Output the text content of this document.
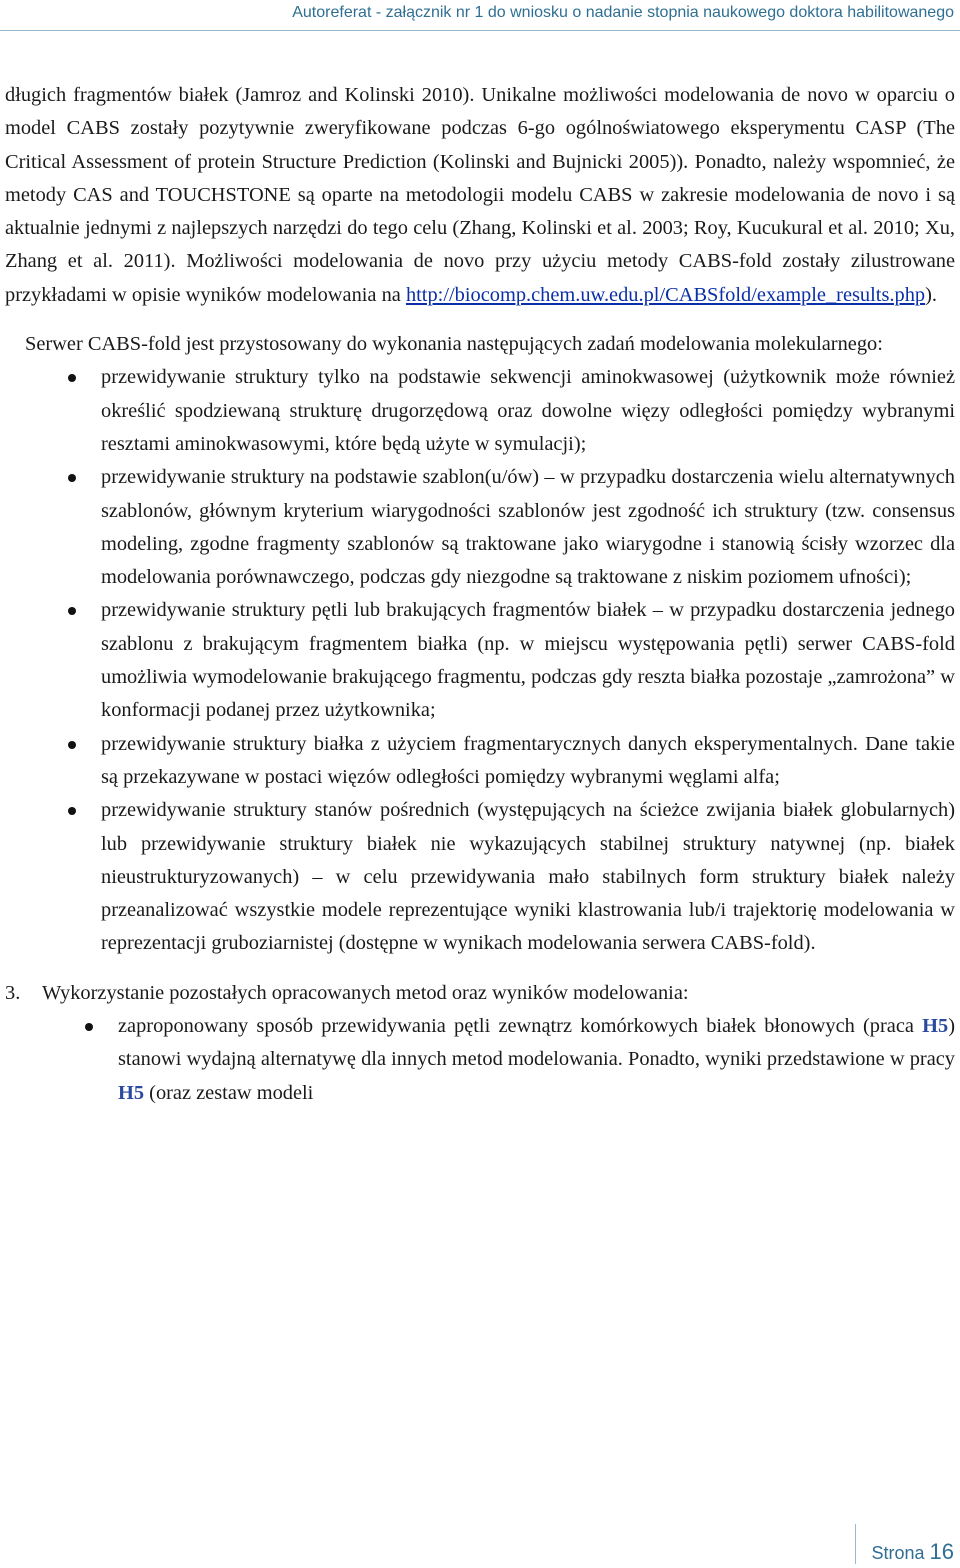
Autoreferat - załącznik nr 1 do wniosku o nadanie stopnia naukowego doktora habilitowanego

długich fragmentów białek (Jamroz and Kolinski 2010). Unikalne możliwości modelowania de novo w oparciu o model CABS zostały pozytywnie zweryfikowane podczas 6-go ogólnoświatowego eksperymentu CASP (The Critical Assessment of protein Structure Prediction (Kolinski and Bujnicki 2005)). Ponadto, należy wspomnieć, że metody CAS and TOUCHSTONE są oparte na metodologii modelu CABS w zakresie modelowania de novo i są aktualnie jednymi z najlepszych narzędzi do tego celu (Zhang, Kolinski et al. 2003; Roy, Kucukural et al. 2010; Xu, Zhang et al. 2011). Możliwości modelowania de novo przy użyciu metody CABS-fold zostały zilustrowane przykładami w opisie wyników modelowania na http://biocomp.chem.uw.edu.pl/CABSfold/example_results.php).

Serwer CABS-fold jest przystosowany do wykonania następujących zadań modelowania molekularnego:

przewidywanie struktury tylko na podstawie sekwencji aminokwasowej (użytkownik może również określić spodziewaną strukturę drugorzędową oraz dowolne więzy odległości pomiędzy wybranymi resztami aminokwasowymi, które będą użyte w symulacji);
przewidywanie struktury na podstawie szablon(u/ów) – w przypadku dostarczenia wielu alternatywnych szablonów, głównym kryterium wiarygodności szablonów jest zgodność ich struktury (tzw. consensus modeling, zgodne fragmenty szablonów są traktowane jako wiarygodne i stanowią ścisły wzorzec dla modelowania porównawczego, podczas gdy niezgodne są traktowane z niskim poziomem ufności);
przewidywanie struktury pętli lub brakujących fragmentów białek – w przypadku dostarczenia jednego szablonu z brakującym fragmentem białka (np. w miejscu występowania pętli) serwer CABS-fold umożliwia wymodelowanie brakującego fragmentu, podczas gdy reszta białka pozostaje „zamrożona” w konformacji podanej przez użytkownika;
przewidywanie struktury białka z użyciem fragmentarycznych danych eksperymentalnych. Dane takie są przekazywane w postaci więzów odległości pomiędzy wybranymi węglami alfa;
przewidywanie struktury stanów pośrednich (występujących na ścieżce zwijania białek globularnych) lub przewidywanie struktury białek nie wykazujących stabilnej struktury natywnej (np. białek nieustrukturyzowanych) – w celu przewidywania mało stabilnych form struktury białek należy przeanalizować wszystkie modele reprezentujące wyniki klastrowania lub/i trajektorię modelowania w reprezentacji gruboziarnistej (dostępne w wynikach modelowania serwera CABS-fold).
3. Wykorzystanie pozostałych opracowanych metod oraz wyników modelowania:
zaproponowany sposób przewidywania pętli zewnątrz komórkowych białek błonowych (praca H5) stanowi wydajną alternatywę dla innych metod modelowania. Ponadto, wyniki przedstawione w pracy H5 (oraz zestaw modeli
Strona 16
